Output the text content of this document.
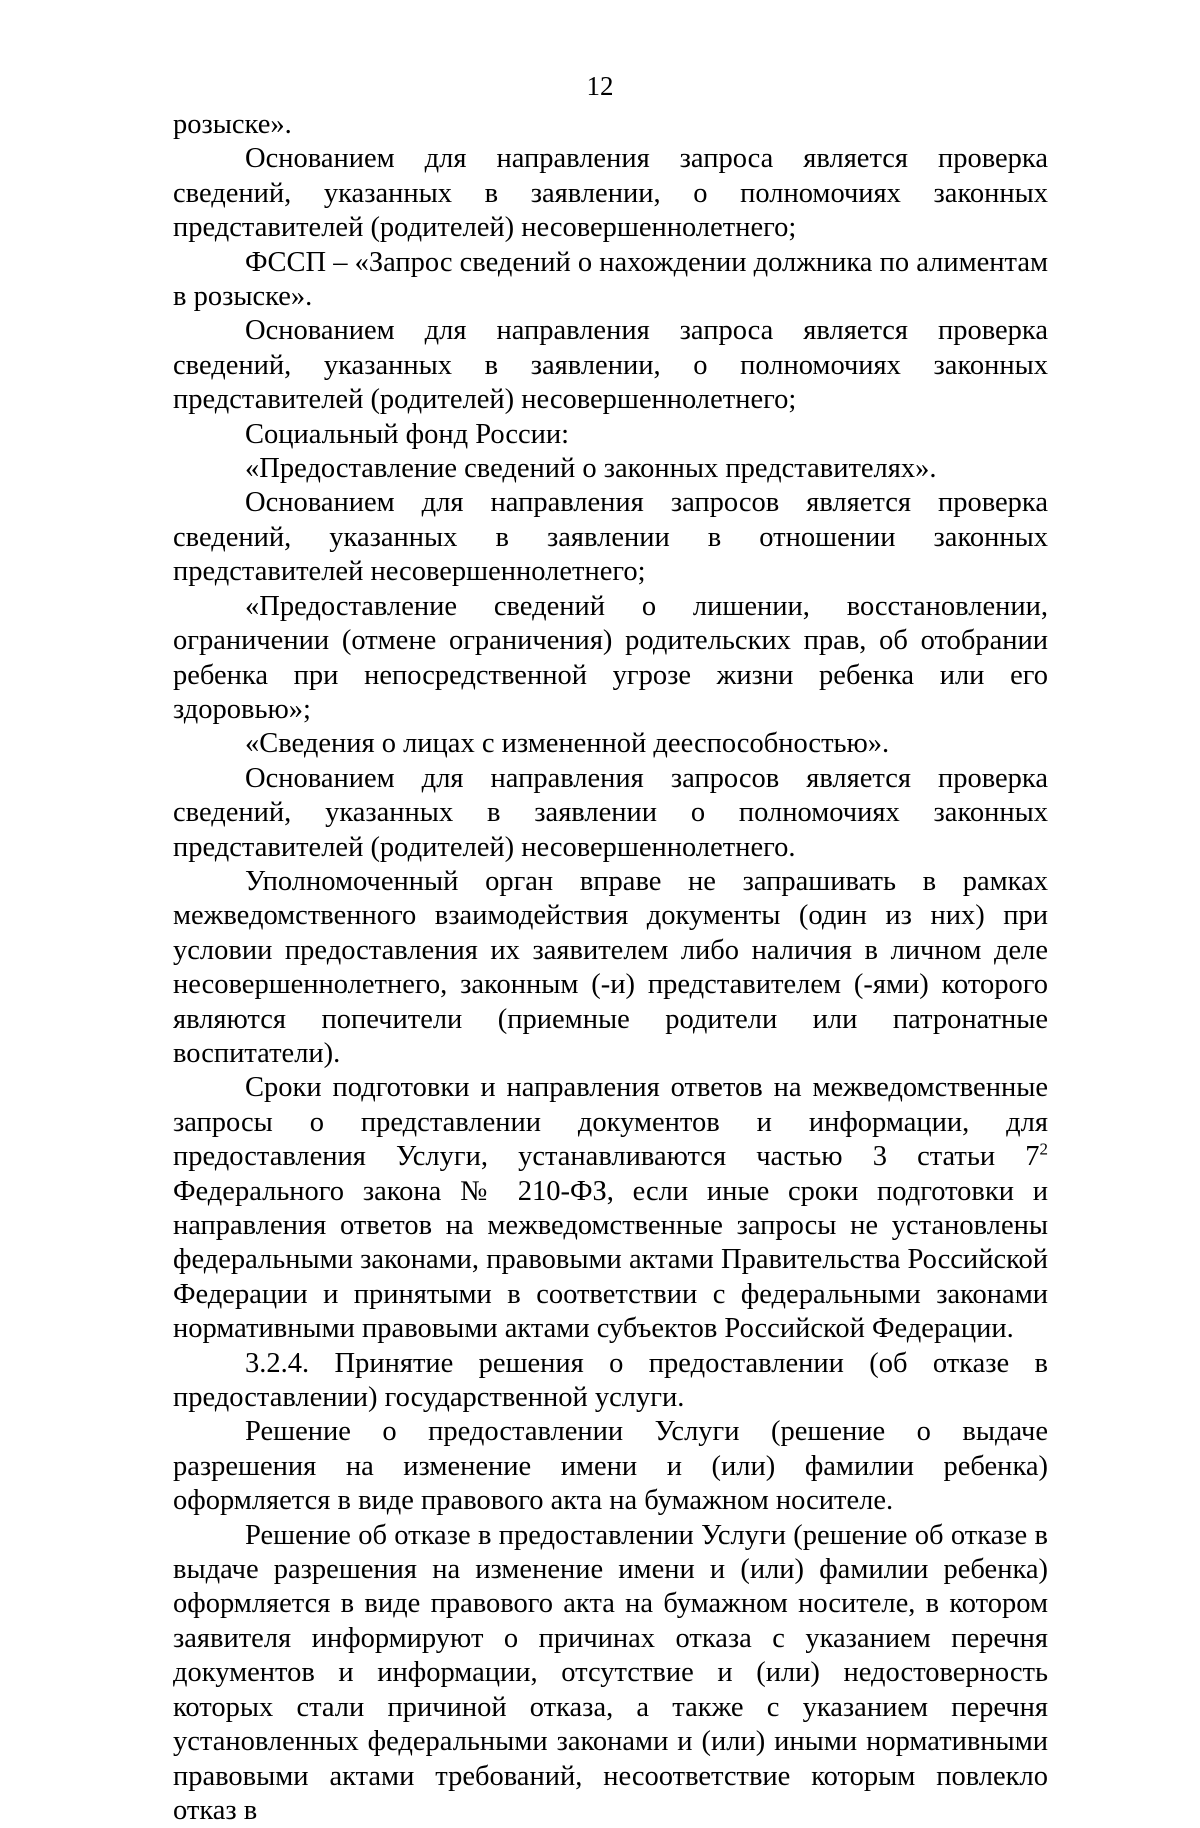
12

розыске».

Основанием для направления запроса является проверка сведений, указанных в заявлении, о полномочиях законных представителей (родителей) несовершеннолетнего;

ФССП – «Запрос сведений о нахождении должника по алиментам в розыске».

Основанием для направления запроса является проверка сведений, указанных в заявлении, о полномочиях законных представителей (родителей) несовершеннолетнего;

Социальный фонд России:

«Предоставление сведений о законных представителях».

Основанием для направления запросов является проверка сведений, указанных в заявлении в отношении законных представителей несовершеннолетнего;

«Предоставление сведений о лишении, восстановлении, ограничении (отмене ограничения) родительских прав, об отобрании ребенка при непосредственной угрозе жизни ребенка или его здоровью»;

«Сведения о лицах с измененной дееспособностью».

Основанием для направления запросов является проверка сведений, указанных в заявлении о полномочиях законных представителей (родителей) несовершеннолетнего.

Уполномоченный орган вправе не запрашивать в рамках межведомственного взаимодействия документы (один из них) при условии предоставления их заявителем либо наличия в личном деле несовершеннолетнего, законным (-и) представителем (-ями) которого являются попечители (приемные родители или патронатные воспитатели).

Сроки подготовки и направления ответов на межведомственные запросы о представлении документов и информации, для предоставления Услуги, устанавливаются частью 3 статьи $7^2$ Федерального закона № 210-ФЗ, если иные сроки подготовки и направления ответов на межведомственные запросы не установлены федеральными законами, правовыми актами Правительства Российской Федерации и принятыми в соответствии с федеральными законами нормативными правовыми актами субъектов Российской Федерации.

3.2.4. Принятие решения о предоставлении (об отказе в предоставлении) государственной услуги.

Решение о предоставлении Услуги (решение о выдаче разрешения на изменение имени и (или) фамилии ребенка) оформляется в виде правового акта на бумажном носителе.

Решение об отказе в предоставлении Услуги (решение об отказе в выдаче разрешения на изменение имени и (или) фамилии ребенка) оформляется в виде правового акта на бумажном носителе, в котором заявителя информируют о причинах отказа с указанием перечня документов и информации, отсутствие и (или) недостоверность которых стали причиной отказа, а также с указанием перечня установленных федеральными законами и (или) иными нормативными правовыми актами требований, несоответствие которым повлекло отказ в
